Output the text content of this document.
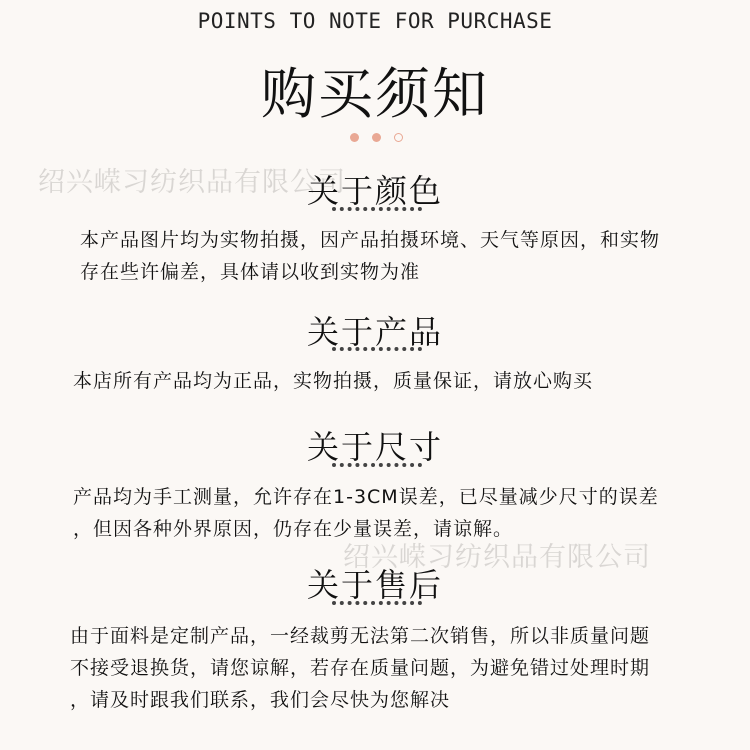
POINTS TO NOTE FOR PURCHASE
购买须知
绍兴嵘习纺织品有限公司
绍兴嵘习纺织品有限公司
关于颜色
本产品图片均为实物拍摄，因产品拍摄环境、天气等原因，和实物
存在些许偏差，具体请以收到实物为准
关于产品
本店所有产品均为正品，实物拍摄，质量保证，请放心购买
关于尺寸
产品均为手工测量，允许存在1-3CM误差，已尽量减少尺寸的误差
，但因各种外界原因，仍存在少量误差，请谅解。
关于售后
由于面料是定制产品，一经裁剪无法第二次销售，所以非质量问题
不接受退换货，请您谅解，若存在质量问题，为避免错过处理时期
，请及时跟我们联系，我们会尽快为您解决
